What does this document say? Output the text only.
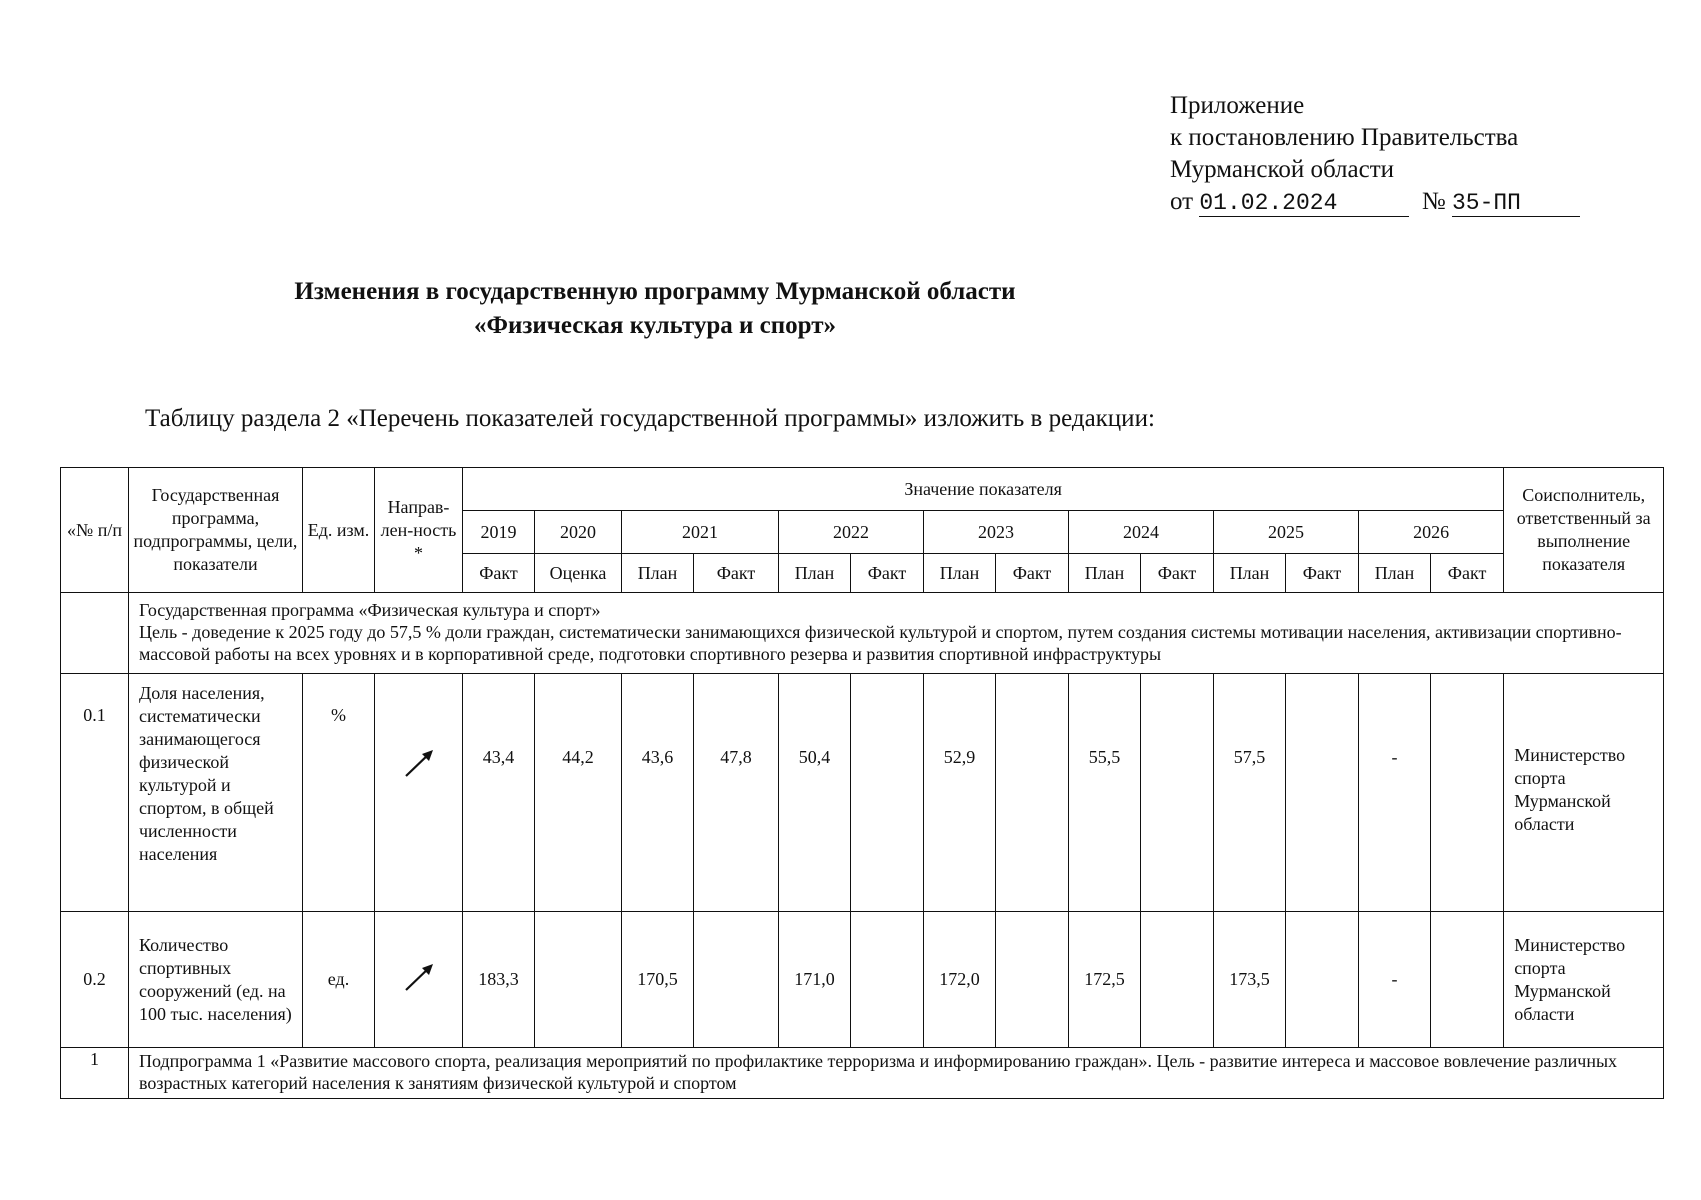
Приложение
к постановлению Правительства
Мурманской области
от 01.02.2024	№ 35-ПП
Изменения в государственную программу Мурманской области
«Физическая культура и спорт»
Таблицу раздела 2 «Перечень показателей государственной программы» изложить в редакции:
«№ п/п	Государственная программа, подпрограммы, цели, показатели	Ед. изм.	Направ-лен-ность *	Значение показателя														Соисполнитель, ответственный за выполнение показателя
				2019	2020	2021		2022		2023		2024		2025		2026		
				Факт	Оценка	План	Факт	План	Факт	План	Факт	План	Факт	План	Факт	План	Факт	

	Государственная программа «Физическая культура и спорт»
Цель - доведение к 2025 году до 57,5 % доли граждан, систематически занимающихся физической культурой и спортом, путем создания системы мотивации населения, активизации спортивно-массовой работы на всех уровнях и в корпоративной среде, подготовки спортивного резерва и развития спортивной инфраструктуры																	

0.1	Доля населения, систематически занимающегося физической культурой и спортом, в общей численности населения	%		43,4	44,2	43,6	47,8	50,4		52,9		55,5		57,5		-		Министерство спорта Мурманской области
0.2	Количество спортивных сооружений (ед. на 100 тыс. населения)	ед.		183,3		170,5		171,0		172,0		172,5		173,5		-		Министерство спорта Мурманской области
1	Подпрограмма 1 «Развитие массового спорта, реализация мероприятий по профилактике терроризма и информированию граждан». Цель - развитие интереса и массовое вовлечение различных возрастных категорий населения к занятиям физической культурой и спортом																	
